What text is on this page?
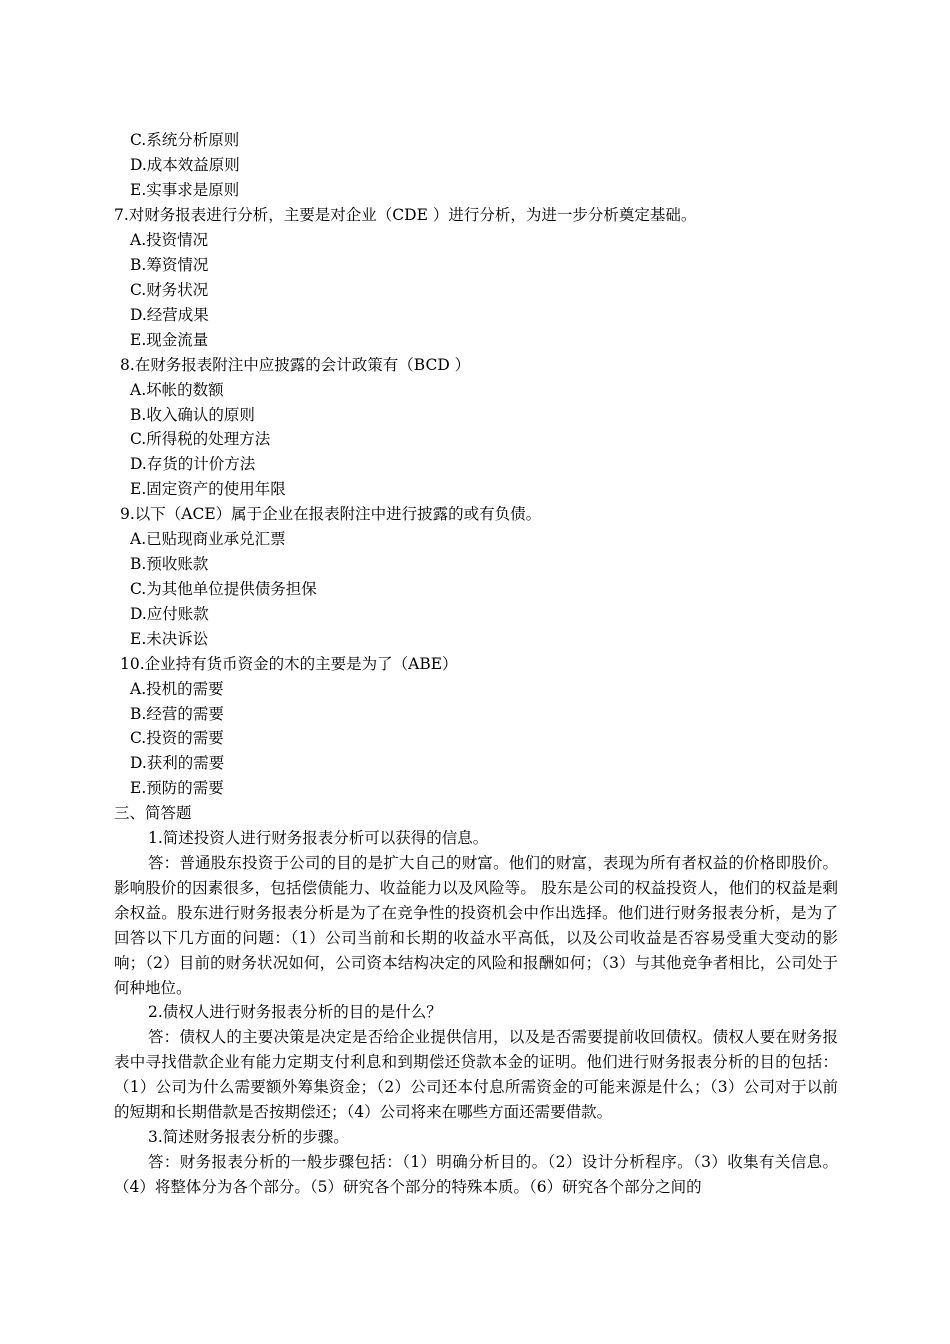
C.系统分析原则
D.成本效益原则
E.实事求是原则
7.对财务报表进行分析，主要是对企业（CDE ）进行分析，为进一步分析奠定基础。
A.投资情况
B.筹资情况
C.财务状况
D.经营成果
E.现金流量
8.在财务报表附注中应披露的会计政策有（BCD ）
A.坏帐的数额
B.收入确认的原则
C.所得税的处理方法
D.存货的计价方法
E.固定资产的使用年限
9.以下（ACE）属于企业在报表附注中进行披露的或有负债。
A.已贴现商业承兑汇票
B.预收账款
C.为其他单位提供债务担保
D.应付账款
E.未决诉讼
10.企业持有货币资金的木的主要是为了（ABE）
A.投机的需要
B.经营的需要
C.投资的需要
D.获利的需要
E.预防的需要
三、简答题
1.简述投资人进行财务报表分析可以获得的信息。
答：普通股东投资于公司的目的是扩大自己的财富。他们的财富，表现为所有者权益的价格即股价。影响股价的因素很多，包括偿债能力、收益能力以及风险等。 股东是公司的权益投资人，他们的权益是剩余权益。股东进行财务报表分析是为了在竞争性的投资机会中作出选择。他们进行财务报表分析，是为了回答以下几方面的问题：（1）公司当前和长期的收益水平高低，以及公司收益是否容易受重大变动的影响；（2）目前的财务状况如何，公司资本结构决定的风险和报酬如何；（3）与其他竞争者相比，公司处于何种地位。
2.债权人进行财务报表分析的目的是什么？
答：债权人的主要决策是决定是否给企业提供信用，以及是否需要提前收回债权。债权人要在财务报表中寻找借款企业有能力定期支付利息和到期偿还贷款本金的证明。他们进行财务报表分析的目的包括：（1）公司为什么需要额外筹集资金；（2）公司还本付息所需资金的可能来源是什么；（3）公司对于以前的短期和长期借款是否按期偿还；（4）公司将来在哪些方面还需要借款。
3.简述财务报表分析的步骤。
答：财务报表分析的一般步骤包括：（1）明确分析目的。（2）设计分析程序。（3）收集有关信息。（4）将整体分为各个部分。（5）研究各个部分的特殊本质。（6）研究各个部分之间的
